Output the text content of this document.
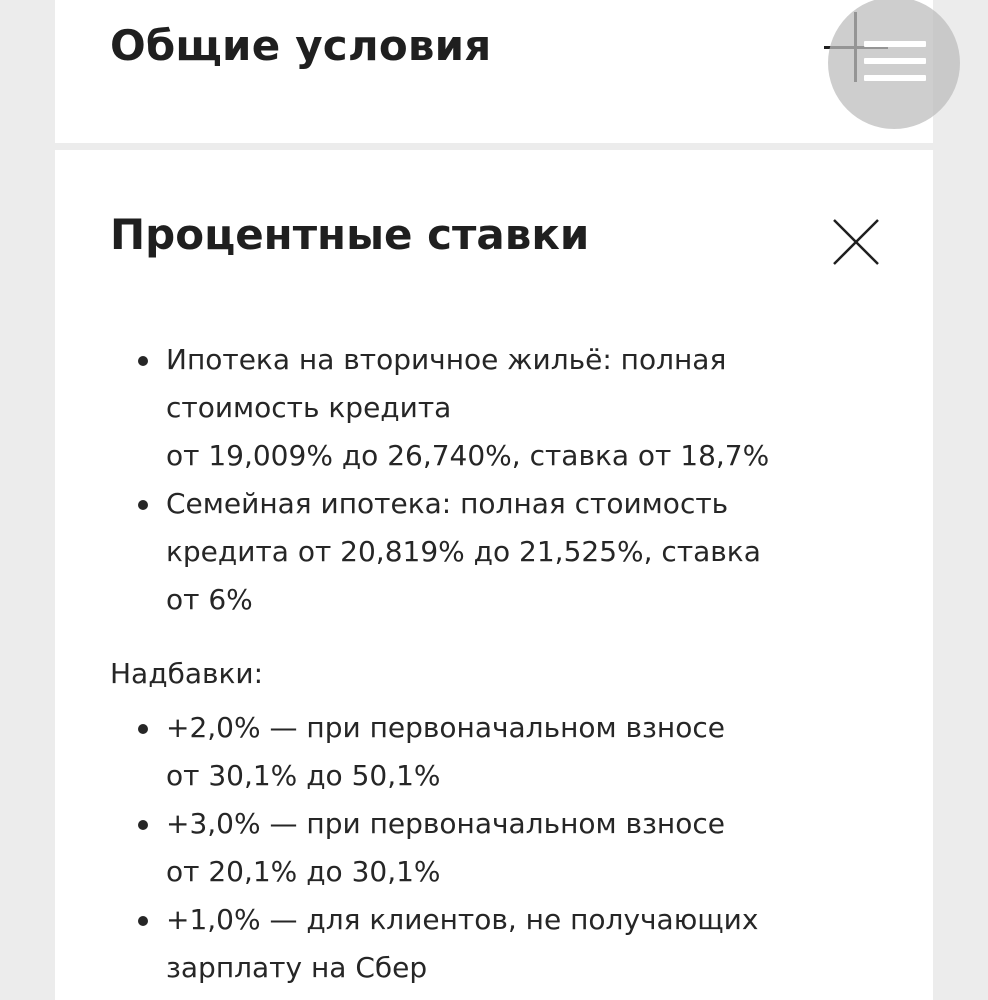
Общие условия
Процентные ставки
Ипотека на вторичное жильё: полная
стоимость кредита
от 19,009% до 26,740%, ставка от 18,7%
Семейная ипотека: полная стоимость
кредита от 20,819% до 21,525%, ставка
от 6%
Надбавки:
+2,0% — при первоначальном взносе
от 30,1% до 50,1%
+3,0% — при первоначальном взносе
от 20,1% до 30,1%
+1,0% — для клиентов, не получающих
зарплату на Сбер
